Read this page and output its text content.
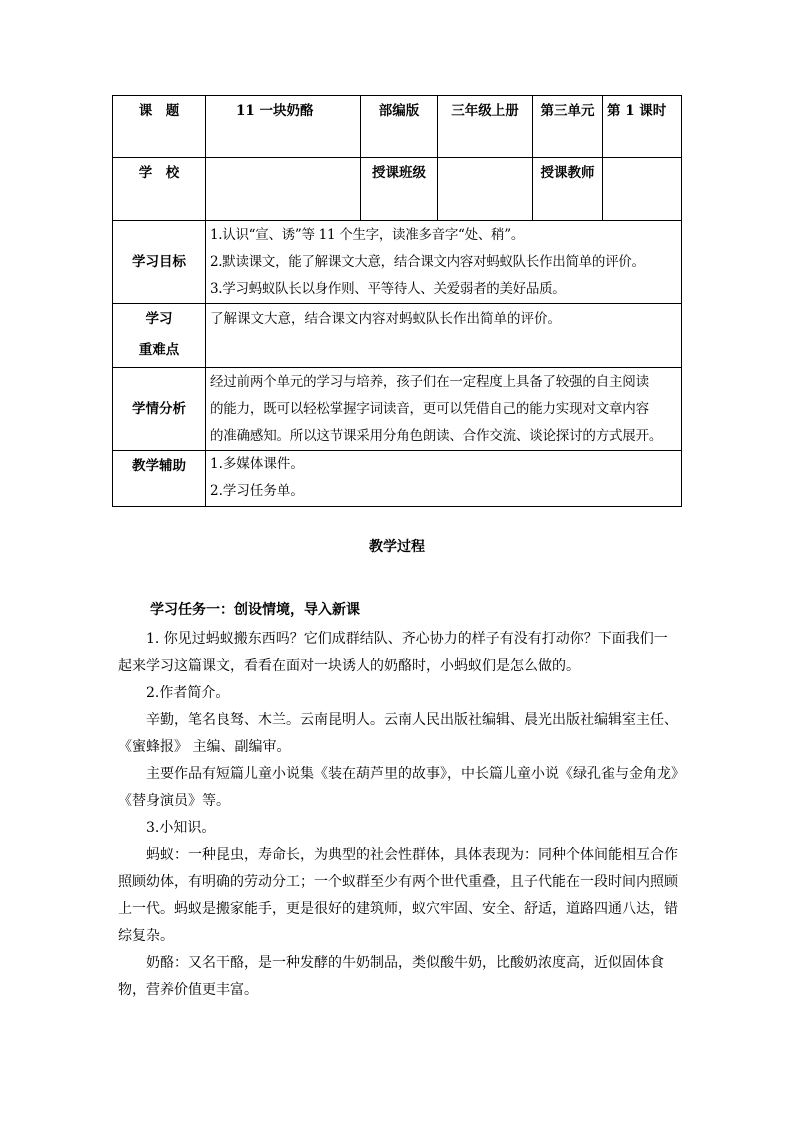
课　题	11 一块奶酪	部编版	三年级上册	第三单元	第 1 课时
学　校		授课班级		授课教师	
学习目标	1.认识“宣、诱”等 11 个生字，读准多音字“处、稍”。
2.默读课文，能了解课文大意，结合课文内容对蚂蚁队长作出简单的评价。
3.学习蚂蚁队长以身作则、平等待人、关爱弱者的美好品质。				

学习
重难点	了解课文大意，结合课文内容对蚂蚁队长作出简单的评价。				
学情分析	经过前两个单元的学习与培养，孩子们在一定程度上具备了较强的自主阅读
的能力，既可以轻松掌握字词读音，更可以凭借自己的能力实现对文章内容
的准确感知。所以这节课采用分角色朗读、合作交流、谈论探讨的方式展开。				

教学辅助	1.多媒体课件。
2.学习任务单。				
教学过程

学习任务一：创设情境，导入新课

1. 你见过蚂蚁搬东西吗？它们成群结队、齐心协力的样子有没有打动你？下面我们一起来学习这篇课文，看看在面对一块诱人的奶酪时，小蚂蚁们是怎么做的。

2.作者简介。

辛勤，笔名良驽、木兰。云南昆明人。云南人民出版社编辑、晨光出版社编辑室主任、《蜜蜂报》 主编、副编审。

主要作品有短篇儿童小说集《装在葫芦里的故事》，中长篇儿童小说《绿孔雀与金角龙》《替身演员》等。

3.小知识。

蚂蚁：一种昆虫，寿命长，为典型的社会性群体，具体表现为：同种个体间能相互合作照顾幼体，有明确的劳动分工；一个蚁群至少有两个世代重叠，且子代能在一段时间内照顾上一代。蚂蚁是搬家能手，更是很好的建筑师，蚁穴牢固、安全、舒适，道路四通八达，错综复杂。

奶酪：又名干酪，是一种发酵的牛奶制品，类似酸牛奶，比酸奶浓度高，近似固体食物，营养价值更丰富。
